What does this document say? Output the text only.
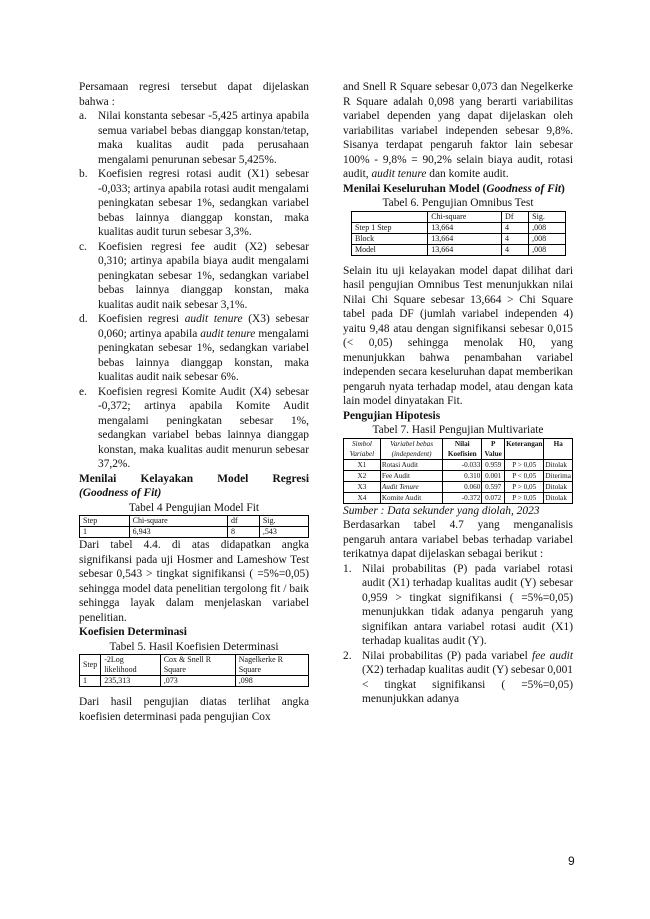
Persamaan regresi tersebut dapat dijelaskan bahwa :

a. Nilai konstanta sebesar -5,425 artinya apabila semua variabel bebas dianggap konstan/tetap, maka kualitas audit pada perusahaan mengalami penurunan sebesar 5,425%.
b. Koefisien regresi rotasi audit (X1) sebesar -0,033; artinya apabila rotasi audit mengalami peningkatan sebesar 1%, sedangkan variabel bebas lainnya dianggap konstan, maka kualitas audit turun sebesar 3,3%.
c. Koefisien regresi fee audit (X2) sebesar 0,310; artinya apabila biaya audit mengalami peningkatan sebesar 1%, sedangkan variabel bebas lainnya dianggap konstan, maka kualitas audit naik sebesar 3,1%.
d. Koefisien regresi audit tenure (X3) sebesar 0,060; artinya apabila audit tenure mengalami peningkatan sebesar 1%, sedangkan variabel bebas lainnya dianggap konstan, maka kualitas audit naik sebesar 6%.
e. Koefisien regresi Komite Audit (X4) sebesar -0,372; artinya apabila Komite Audit mengalami peningkatan sebesar 1%, sedangkan variabel bebas lainnya dianggap konstan, maka kualitas audit menurun sebesar 37,2%.

Menilai Kelayakan Model Regresi

(Goodness of Fit)

Tabel 4 Pengujian Model Fit

Step	Chi-square	df	Sig.
1	6,943	8	,543

Dari tabel 4.4. di atas didapatkan angka signifikansi pada uji Hosmer and Lameshow Test sebesar 0,543 > tingkat signifikansi ( =5%=0,05) sehingga model data penelitian tergolong fit / baik sehingga layak dalam menjelaskan variabel penelitian.

Koefisien Determinasi

Tabel 5. Hasil Koefisien Determinasi

Step	-2Log likelihood	Cox & Snell R Square	Nagelkerke R Square
1	235,313	,073	,098

Dari hasil pengujian diatas terlihat angka koefisien determinasi pada pengujian Cox

and Snell R Square sebesar 0,073 dan Negelkerke R Square adalah 0,098 yang berarti variabilitas variabel dependen yang dapat dijelaskan oleh variabilitas variabel independen sebesar 9,8%. Sisanya terdapat pengaruh faktor lain sebesar 100% - 9,8% = 90,2% selain biaya audit, rotasi audit, audit tenure dan komite audit.

Menilai Keseluruhan Model (Goodness of Fit)

Tabel 6. Pengujian Omnibus Test

	Chi-square	Df	Sig.
Step 1 Step	13,664	4	,008
Block	13,664	4	,008
Model	13,664	4	,008

Selain itu uji kelayakan model dapat dilihat dari hasil pengujian Omnibus Test menunjukkan nilai Nilai Chi Square sebesar 13,664 > Chi Square tabel pada DF (jumlah variabel independen 4) yaitu 9,48 atau dengan signifikansi sebesar 0,015 (< 0,05) sehingga menolak H0, yang menunjukkan bahwa penambahan variabel independen secara keseluruhan dapat memberikan pengaruh nyata terhadap model, atau dengan kata lain model dinyatakan Fit.

Pengujian Hipotesis

Tabel 7. Hasil Pengujian Multivariate

Simbol Variabel	Variabel bebas (independent)	Nilai Koefisien	P Value	Keterangan	Ha
X1	Rotasi Audit	-0.033	0.959	P > 0,05	Ditolak
X2	Fee Audit	0.310	0.001	P < 0,05	Diterima
X3	Audit Tenure	0.060	0.597	P > 0,05	Ditolak
X4	Komite Audit	-0.372	0.072	P > 0,05	Ditolak

Sumber : Data sekunder yang diolah, 2023

Berdasarkan tabel 4.7 yang menganalisis pengaruh antara variabel bebas terhadap variabel terikatnya dapat dijelaskan sebagai berikut :

1. Nilai probabilitas (P) pada variabel rotasi audit (X1) terhadap kualitas audit (Y) sebesar 0,959 > tingkat signifikansi ( =5%=0,05) menunjukkan tidak adanya pengaruh yang signifikan antara variabel rotasi audit (X1) terhadap kualitas audit (Y).
2. Nilai probabilitas (P) pada variabel fee audit (X2) terhadap kualitas audit (Y) sebesar 0,001 < tingkat signifikansi ( =5%=0,05) menunjukkan adanya
9
